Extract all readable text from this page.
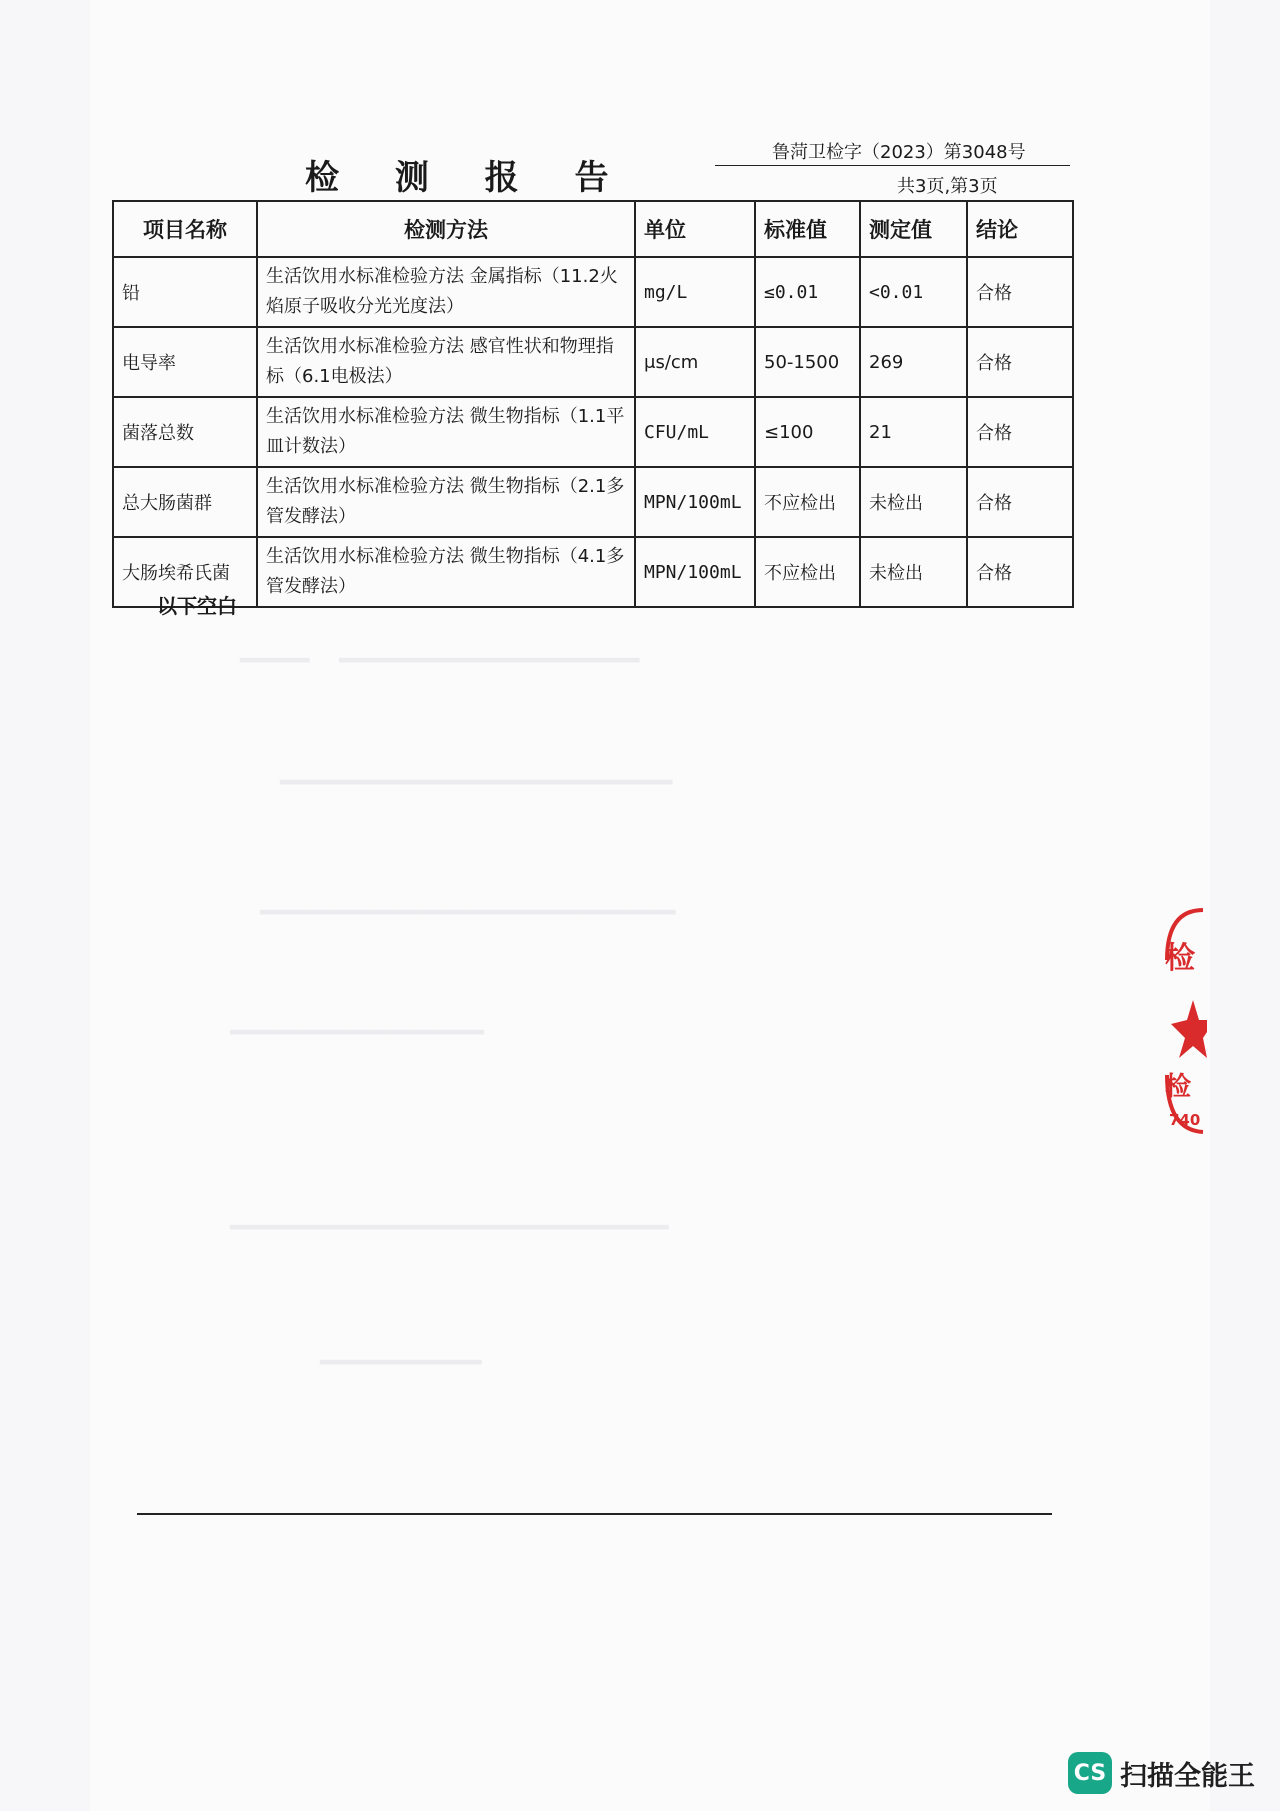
▁▁▁　▁▁▁▁▁▁▁▁▁▁▁▁▁
▁▁▁▁▁▁▁▁▁▁▁▁▁▁▁▁▁
▁▁▁▁▁▁▁▁▁▁▁▁▁▁▁▁▁▁
▁▁▁▁▁▁▁▁▁▁▁
▁▁▁▁▁▁▁▁▁▁▁▁▁▁▁▁▁▁▁
▁▁▁▁▁▁▁
检 测 报 告
鲁菏卫检字（2023）第3048号
共3页,第3页
项目名称	检测方法	单位	标准值	测定值	结论
铅	生活饮用水标准检验方法 金属指标（11.2火焰原子吸收分光光度法）	mg/L	≤0.01	<0.01	合格
电导率	生活饮用水标准检验方法 感官性状和物理指标（6.1电极法）	μs/cm	50-1500	269	合格
菌落总数	生活饮用水标准检验方法 微生物指标（1.1平皿计数法）	CFU/mL	≤100	21	合格
总大肠菌群	生活饮用水标准检验方法 微生物指标（2.1多管发酵法）	MPN/100mL	不应检出	未检出	合格
大肠埃希氏菌	生活饮用水标准检验方法 微生物指标（4.1多管发酵法）	MPN/100mL	不应检出	未检出	合格
以下空白
检
检
740
CS 扫描全能王
